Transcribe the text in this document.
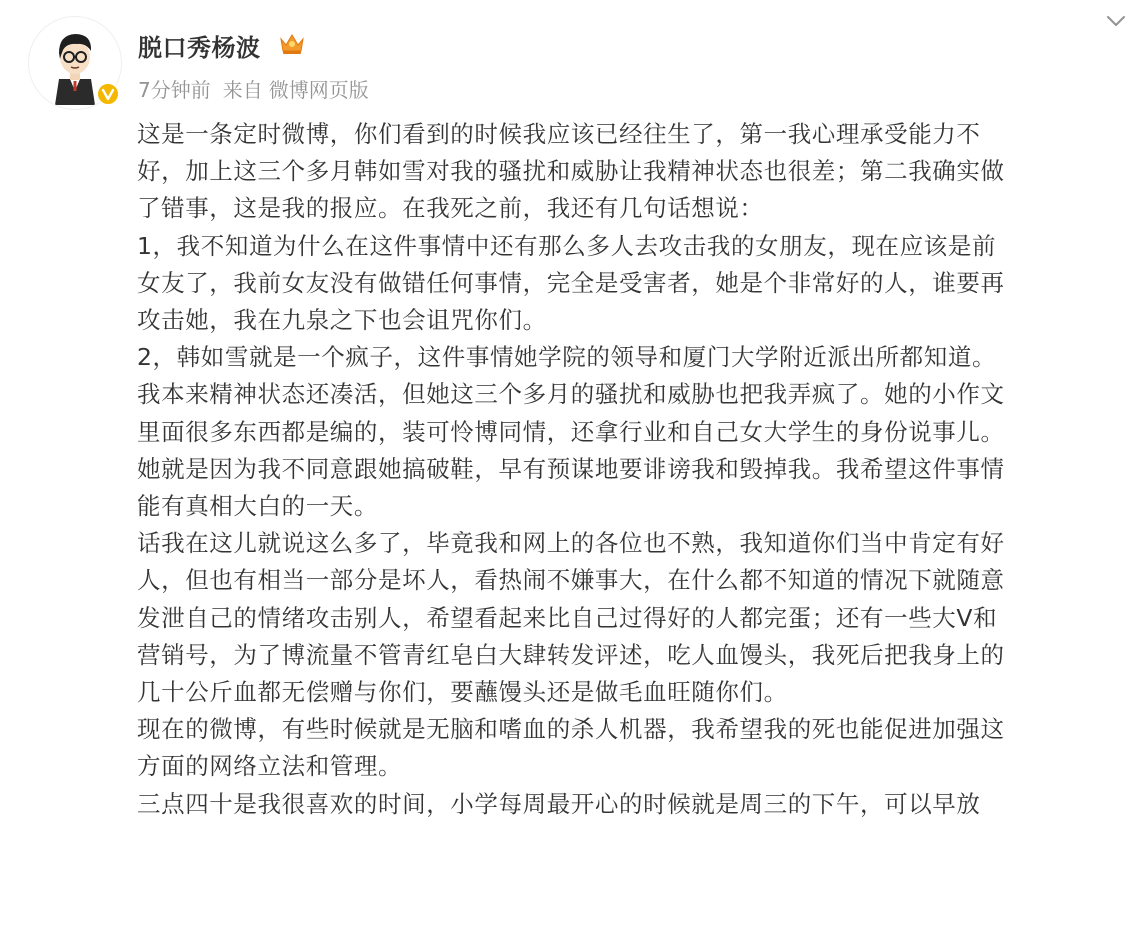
脱口秀杨波
7分钟前 来自 微博网页版

这是一条定时微博，你们看到的时候我应该已经往生了，第一我心理承受能力不

好，加上这三个多月韩如雪对我的骚扰和威胁让我精神状态也很差；第二我确实做

了错事，这是我的报应。在我死之前，我还有几句话想说：

1，我不知道为什么在这件事情中还有那么多人去攻击我的女朋友，现在应该是前

女友了，我前女友没有做错任何事情，完全是受害者，她是个非常好的人，谁要再

攻击她，我在九泉之下也会诅咒你们。

2，韩如雪就是一个疯子，这件事情她学院的领导和厦门大学附近派出所都知道。

我本来精神状态还凑活，但她这三个多月的骚扰和威胁也把我弄疯了。她的小作文

里面很多东西都是编的，装可怜博同情，还拿行业和自己女大学生的身份说事儿。

她就是因为我不同意跟她搞破鞋，早有预谋地要诽谤我和毁掉我。我希望这件事情

能有真相大白的一天。

话我在这儿就说这么多了，毕竟我和网上的各位也不熟，我知道你们当中肯定有好

人，但也有相当一部分是坏人，看热闹不嫌事大，在什么都不知道的情况下就随意

发泄自己的情绪攻击别人，希望看起来比自己过得好的人都完蛋；还有一些大V和

营销号，为了博流量不管青红皂白大肆转发评述，吃人血馒头，我死后把我身上的

几十公斤血都无偿赠与你们，要蘸馒头还是做毛血旺随你们。

现在的微博，有些时候就是无脑和嗜血的杀人机器，我希望我的死也能促进加强这

方面的网络立法和管理。

三点四十是我很喜欢的时间，小学每周最开心的时候就是周三的下午，可以早放
